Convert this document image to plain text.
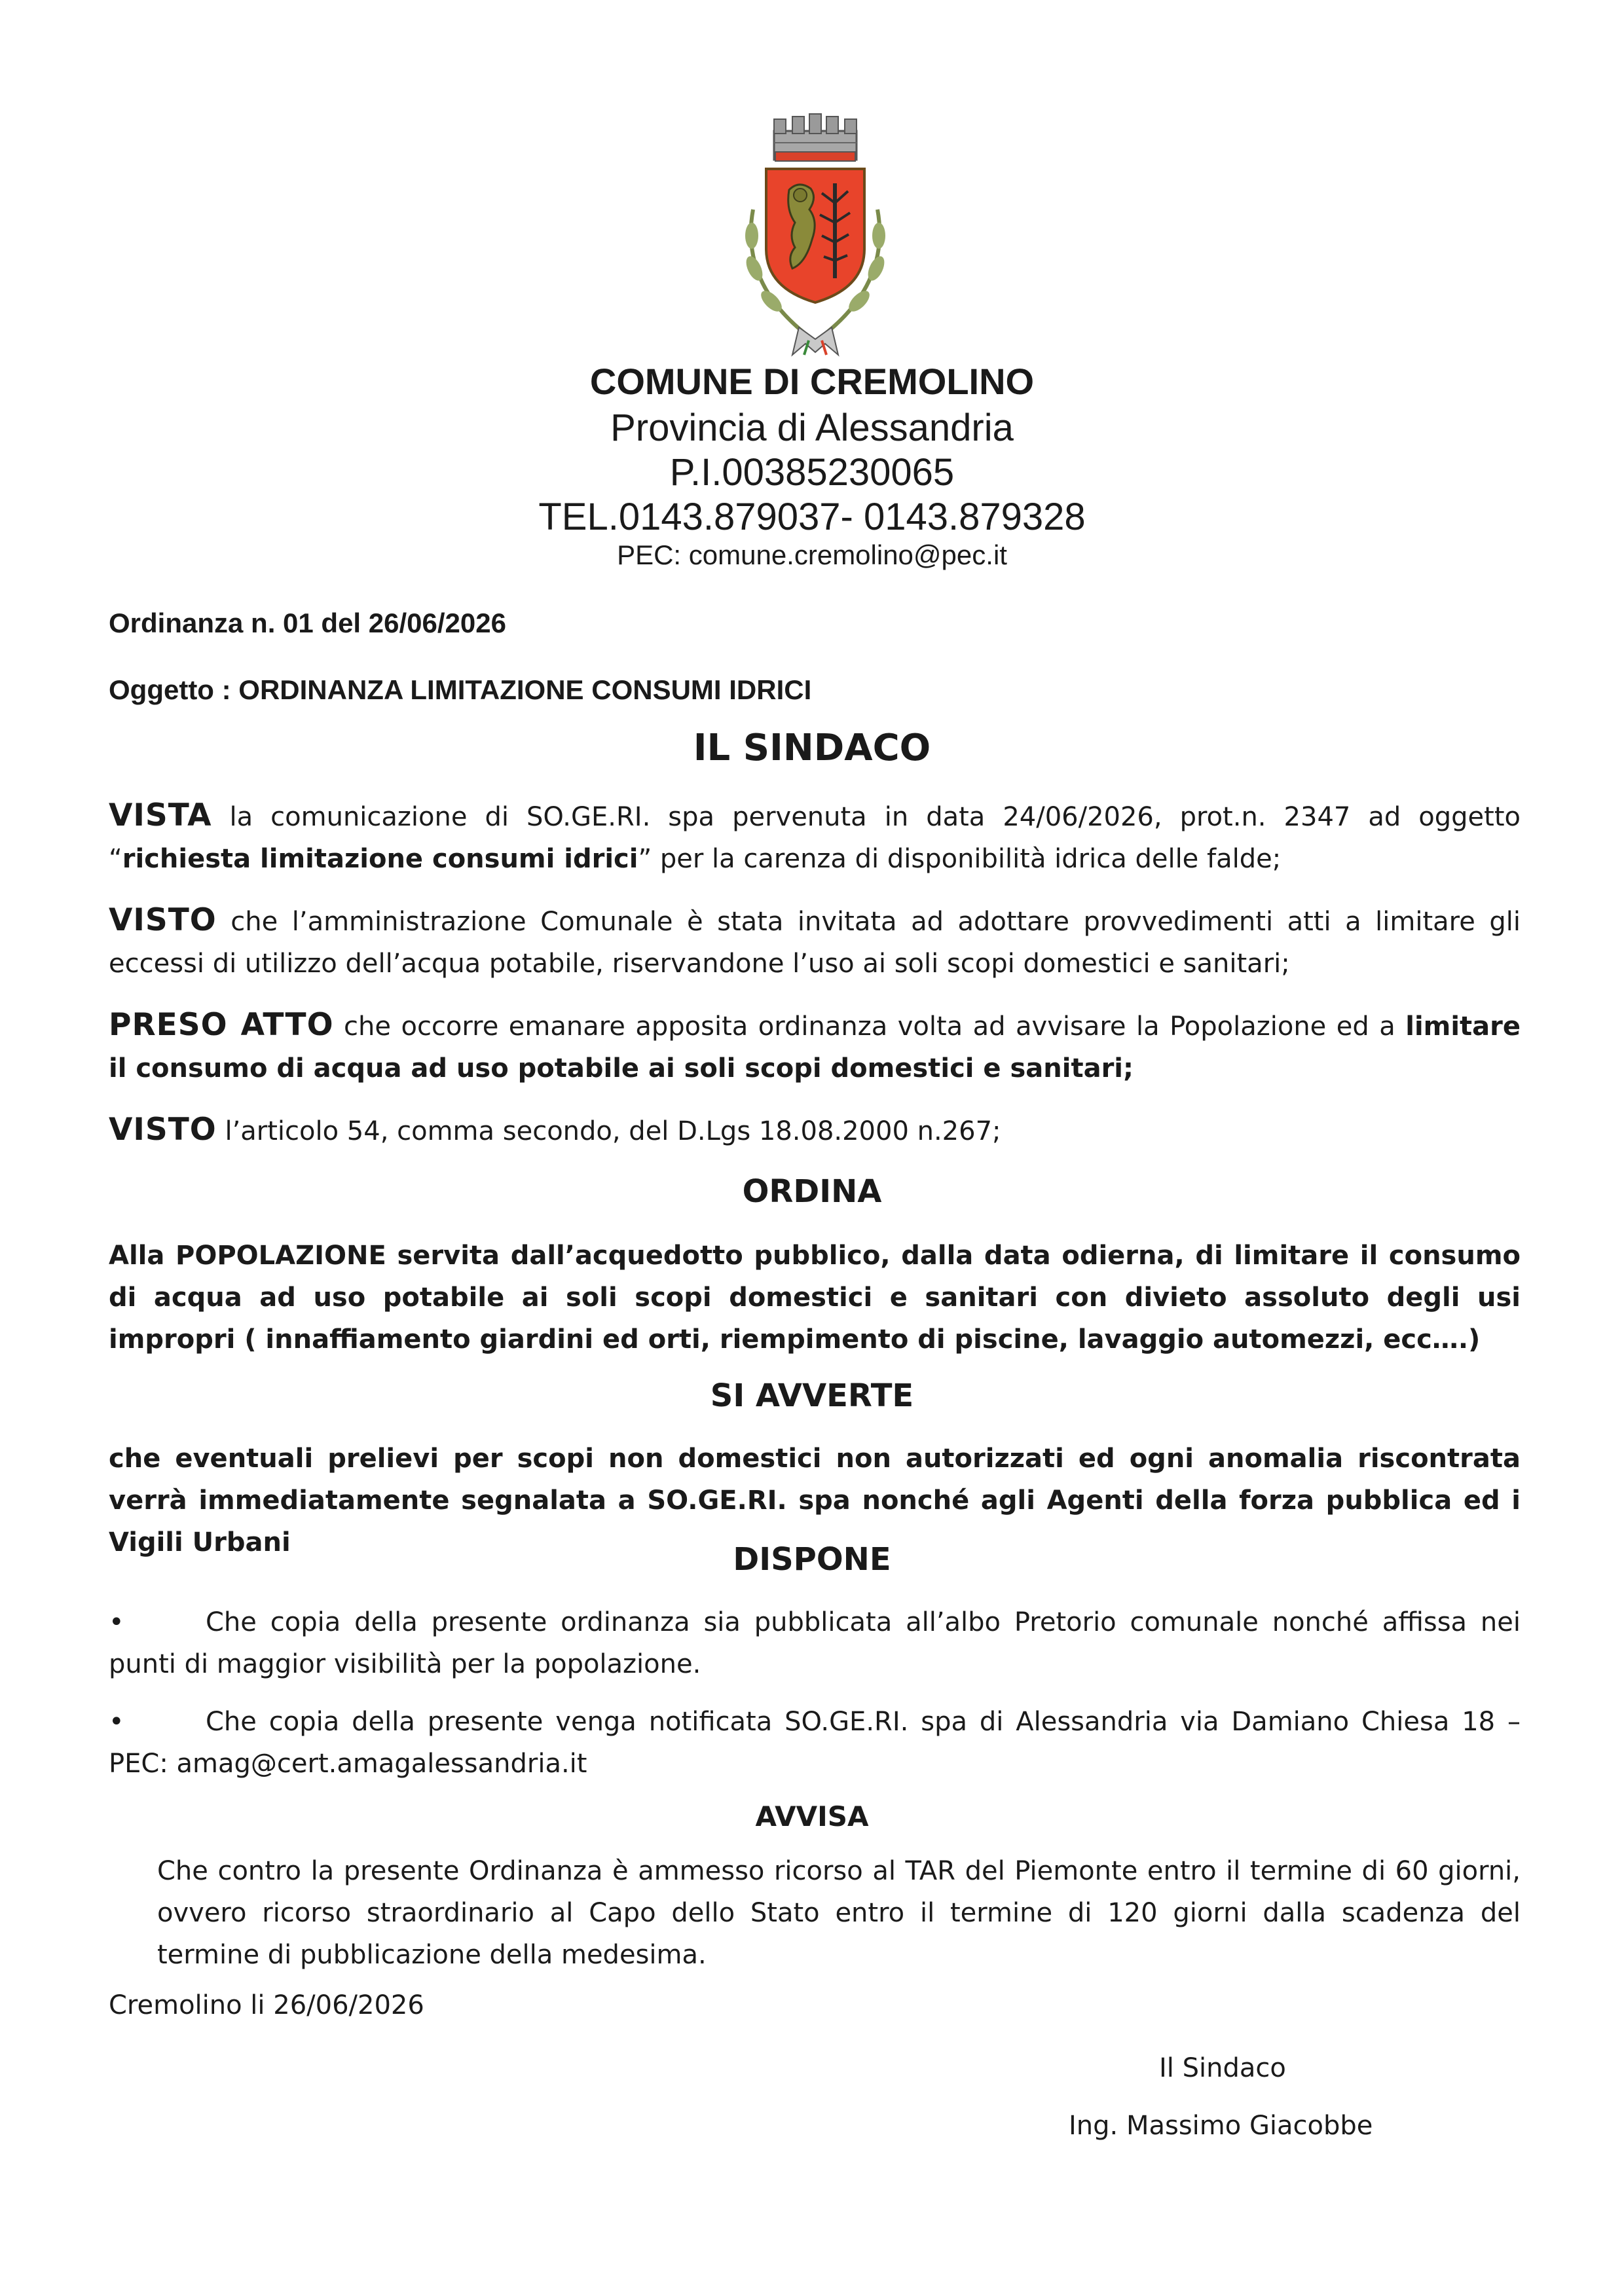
COMUNE DI CREMOLINO
Provincia di Alessandria
P.I.00385230065
TEL.0143.879037- 0143.879328
PEC: comune.cremolino@pec.it
Ordinanza n. 01 del 26/06/2026
Oggetto : ORDINANZA LIMITAZIONE CONSUMI IDRICI
IL SINDACO
VISTA la comunicazione di SO.GE.RI. spa pervenuta in data 24/06/2026, prot.n. 2347 ad oggetto “richiesta limitazione consumi idrici” per la carenza di disponibilità idrica delle falde;
VISTO che l’amministrazione Comunale è stata invitata ad adottare provvedimenti atti a limitare gli eccessi di utilizzo dell’acqua potabile, riservandone l’uso ai soli scopi domestici e sanitari;
PRESO ATTO che occorre emanare apposita ordinanza volta ad avvisare la Popolazione ed a limitare il consumo di acqua ad uso potabile ai soli scopi domestici e sanitari;
VISTO l’articolo 54, comma secondo, del D.Lgs 18.08.2000 n.267;
ORDINA
Alla POPOLAZIONE servita dall’acquedotto pubblico, dalla data odierna, di limitare il consumo di acqua ad uso potabile ai soli scopi domestici e sanitari con divieto assoluto degli usi impropri ( innaffiamento giardini ed orti, riempimento di piscine, lavaggio automezzi, ecc….)
SI AVVERTE
che eventuali prelievi per scopi non domestici non autorizzati ed ogni anomalia riscontrata verrà immediatamente segnalata a SO.GE.RI. spa nonché agli Agenti della forza pubblica ed i Vigili Urbani	DISPONE
•	Che copia della presente ordinanza sia pubblicata all’albo Pretorio comunale nonché affissa nei punti di maggior visibilità per la popolazione.
•	Che copia della presente venga notificata SO.GE.RI. spa di Alessandria via Damiano Chiesa 18 – PEC: amag@cert.amagalessandria.it
AVVISA
Che contro la presente Ordinanza è ammesso ricorso al TAR del Piemonte entro il termine di 60 giorni, ovvero ricorso straordinario al Capo dello Stato entro il termine di 120 giorni dalla scadenza del termine di pubblicazione della medesima.
Cremolino li 26/06/2026
Il Sindaco
Ing. Massimo Giacobbe
